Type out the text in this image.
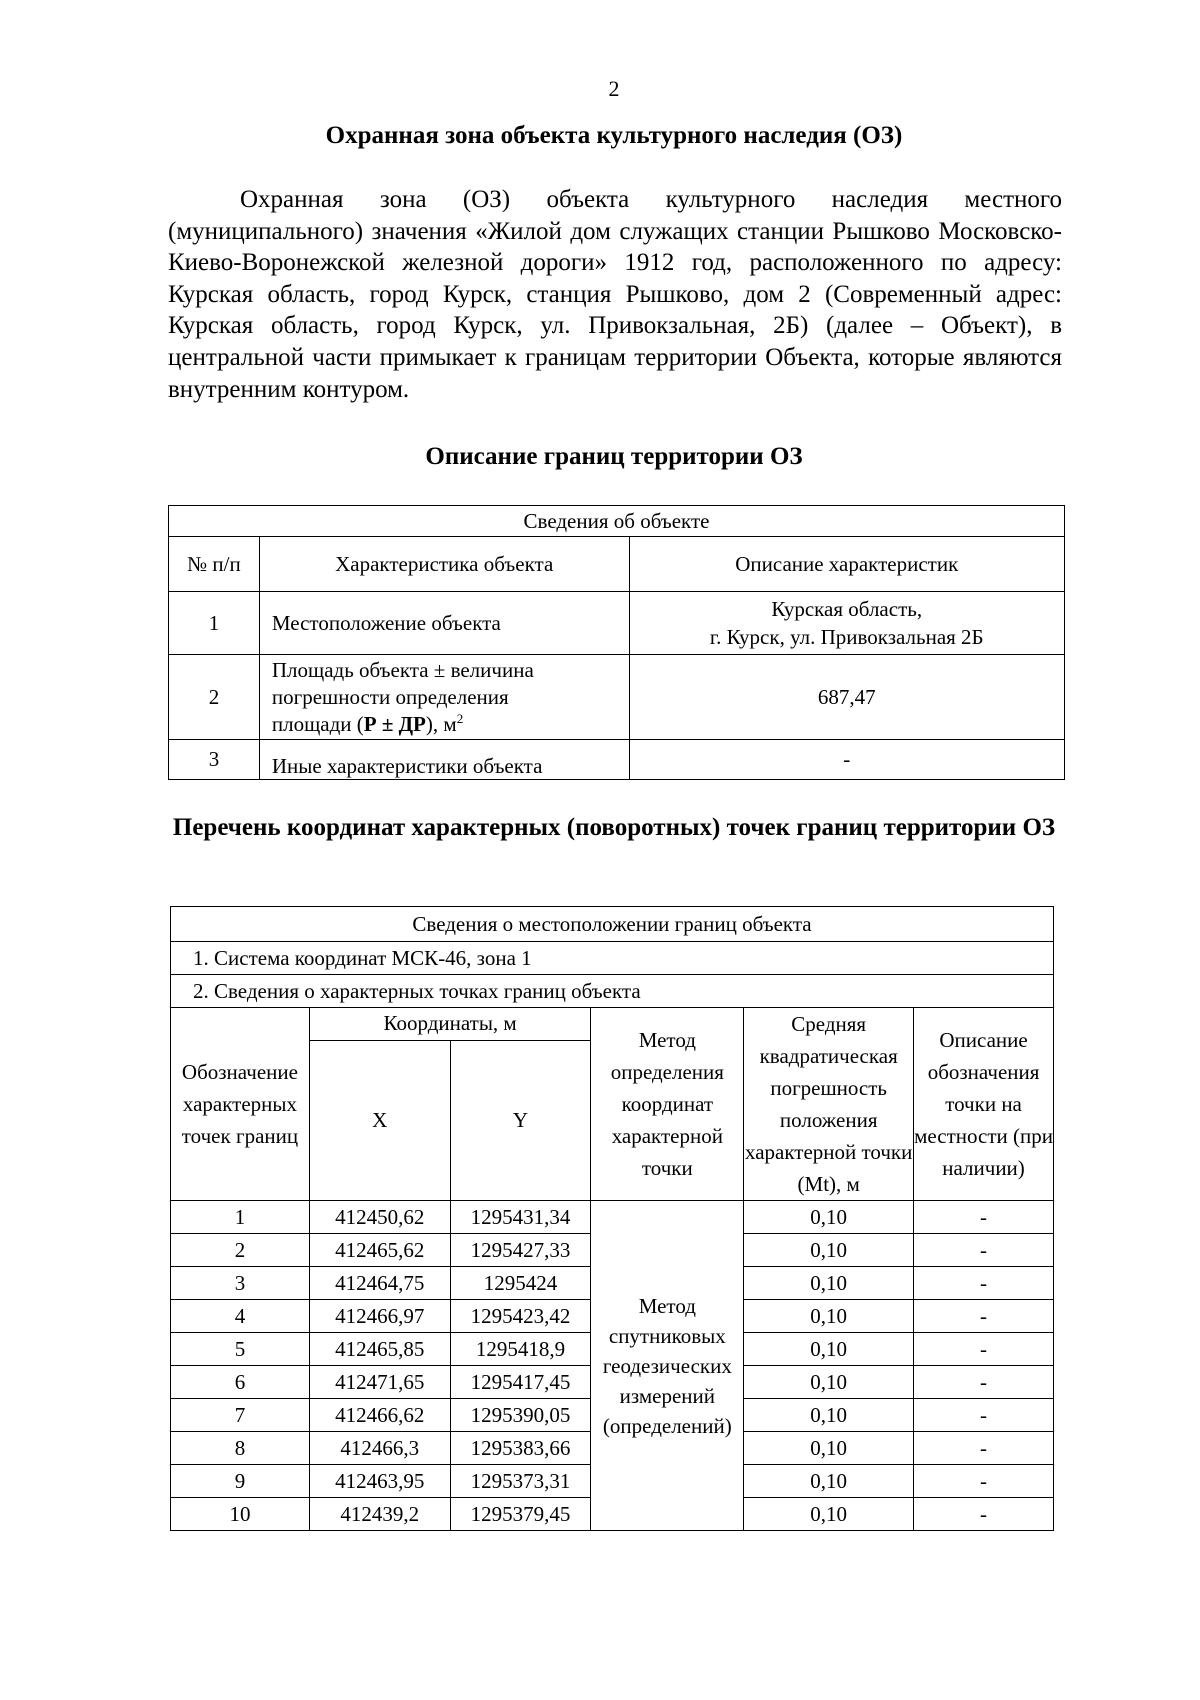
2
Охранная зона объекта культурного наследия (ОЗ)

Охранная зона (ОЗ) объекта культурного наследия местного (муниципального) значения «Жилой дом служащих станции Рышково Московско-Киево-Воронежской железной дороги» 1912 год, расположенного по адресу: Курская область, город Курск, станция Рышково, дом 2 (Современный адрес: Курская область, город Курск, ул. Привокзальная, 2Б) (далее – Объект), в центральной части примыкает к границам территории Объекта, которые являются внутренним контуром.

Описание границ территории ОЗ
Сведения об объекте		
№ п/п	Характеристика объекта	Описание характеристик
1	Местоположение объекта	Курская область,
г. Курск, ул. Привокзальная 2Б

2	Площадь объекта ± величина
погрешности определения
площади (Р ± ДР), $м^2$	687,47
3	Иные характеристики объекта	-
Перечень координат характерных (поворотных) точек границ территории ОЗ
Сведения о местоположении границ объекта					
1. Система координат МСК-46, зона 1					
2. Сведения о характерных точках границ объекта					
Обозначение характерных точек границ	Координаты, м		Метод определения координат характерной точки	Средняя квадратическая погрешность положения характерной точки (Mt), м	Описание обозначения точки на местности (при наличии)
	X	Y			
1	412450,62	1295431,34	Метод спутниковых геодезических измерений (определений)	0,10	-
2	412465,62	1295427,33		0,10	-
3	412464,75	1295424		0,10	-
4	412466,97	1295423,42		0,10	-
5	412465,85	1295418,9		0,10	-
6	412471,65	1295417,45		0,10	-
7	412466,62	1295390,05		0,10	-
8	412466,3	1295383,66		0,10	-
9	412463,95	1295373,31		0,10	-
10	412439,2	1295379,45		0,10	-
